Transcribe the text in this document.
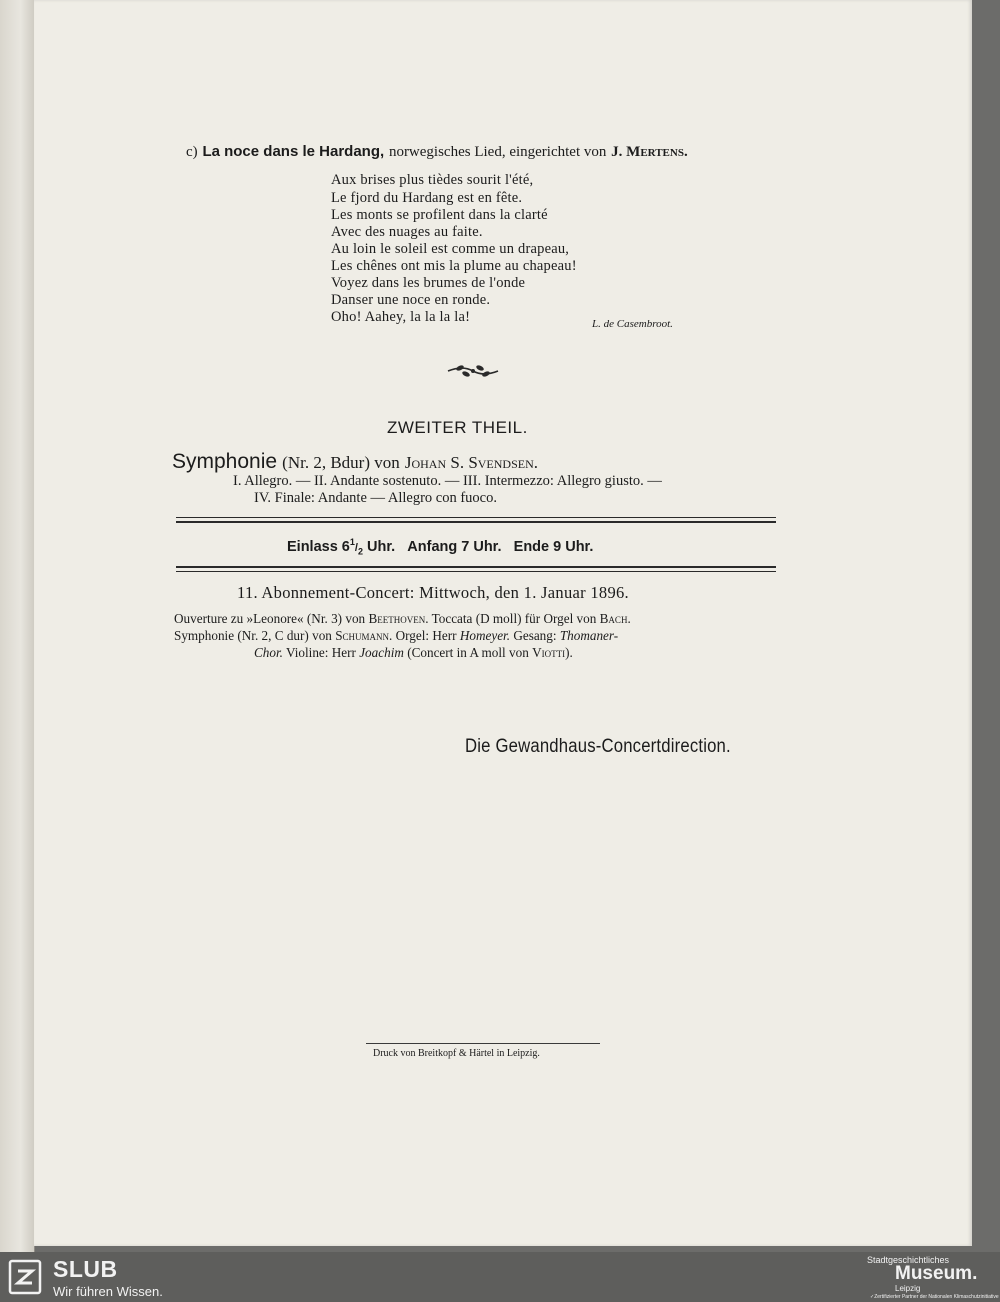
c) La noce dans le Hardang, norwegisches Lied, eingerichtet von J. Mertens.
Aux brises plus tièdes sourit l'été,
Le fjord du Hardang est en fête.
Les monts se profilent dans la clarté
Avec des nuages au faite.
Au loin le soleil est comme un drapeau,
Les chênes ont mis la plume au chapeau!
Voyez dans les brumes de l'onde
Danser une noce en ronde.
Oho! Aahey, la la la la!	L. de Casembroot.
ZWEITER THEIL.
Symphonie (Nr. 2, Bdur) von Johan S. Svendsen.
I. Allegro. — II. Andante sostenuto. — III. Intermezzo: Allegro giusto. —
IV. Finale: Andante — Allegro con fuoco.
Einlass $6^1/_2$ Uhr. Anfang 7 Uhr. Ende 9 Uhr.
11. Abonnement-Concert: Mittwoch, den 1. Januar 1896.
Ouverture zu »Leonore« (Nr. 3) von Beethoven. Toccata (D moll) für Orgel von Bach.
Symphonie (Nr. 2, C dur) von Schumann. Orgel: Herr Homeyer. Gesang: Thomaner-
Chor. Violine: Herr Joachim (Concert in A moll von Viotti).
Die Gewandhaus-Concertdirection.
Druck von Breitkopf & Härtel in Leipzig.
SLUB
Wir führen Wissen.
Stadtgeschichtliches
Museum.
Leipzig
✓Zertifizierter Partner der Nationalen Klimaschutzinitiative
